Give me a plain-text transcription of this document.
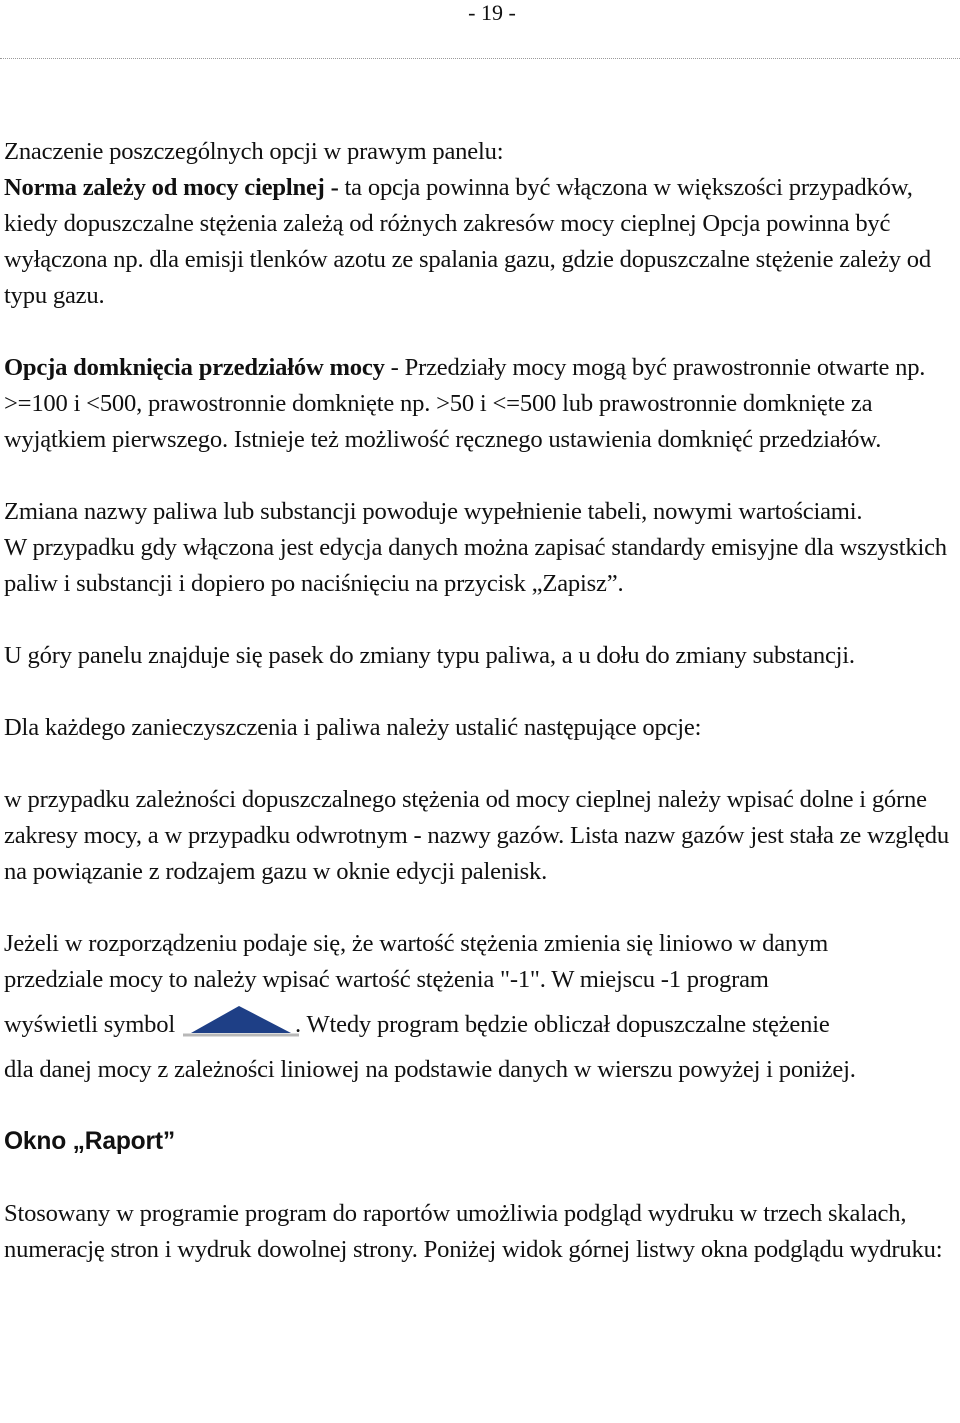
- 19 -

Znaczenie poszczególnych opcji w prawym panelu:
Norma zależy od mocy cieplnej - ta opcja powinna być włączona w większości przypadków, kiedy dopuszczalne stężenia zależą od różnych zakresów mocy cieplnej Opcja powinna być wyłączona np. dla emisji tlenków azotu ze spalania gazu, gdzie dopuszczalne stężenie zależy od typu gazu.

Opcja domknięcia przedziałów mocy - Przedziały mocy mogą być prawostronnie otwarte np. >=100 i <500, prawostronnie domknięte np. >50 i <=500 lub prawostronnie domknięte za wyjątkiem pierwszego. Istnieje też możliwość ręcznego ustawienia domknięć przedziałów.

Zmiana nazwy paliwa lub substancji powoduje wypełnienie tabeli, nowymi wartościami.

W przypadku gdy włączona jest edycja danych można zapisać standardy emisyjne dla wszystkich paliw i substancji i dopiero po naciśnięciu na przycisk „Zapisz”.

U góry panelu znajduje się pasek do zmiany typu paliwa, a u dołu do zmiany substancji.

Dla każdego zanieczyszczenia i paliwa należy ustalić następujące opcje:

w przypadku zależności dopuszczalnego stężenia od mocy cieplnej należy wpisać dolne i górne zakresy mocy, a w przypadku odwrotnym - nazwy gazów. Lista nazw gazów jest stała ze względu na powiązanie z rodzajem gazu w oknie edycji palenisk.

Jeżeli w rozporządzeniu podaje się, że wartość stężenia zmienia się liniowo w danym
przedziale mocy to należy wpisać wartość stężenia "-1". W miejscu -1 program
wyświetli symbol	. Wtedy program będzie obliczał dopuszczalne stężenie
dla danej mocy z zależności liniowej na podstawie danych w wierszu powyżej i poniżej.

Okno „Raport”

Stosowany w programie program do raportów umożliwia podgląd wydruku w trzech skalach, numerację stron i wydruk dowolnej strony. Poniżej widok górnej listwy okna podglądu wydruku:
